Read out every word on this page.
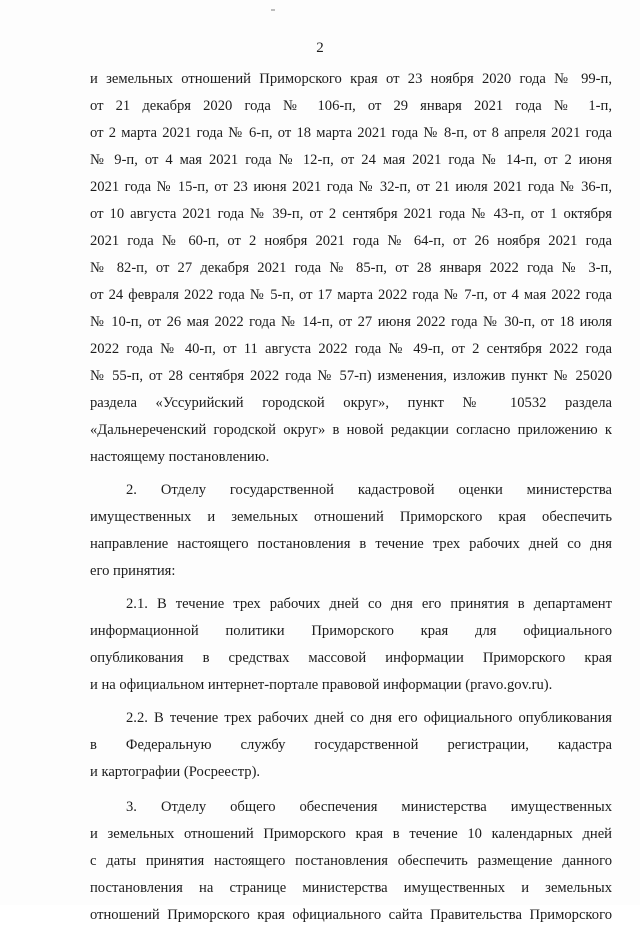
2

и земельных отношений Приморского края от 23 ноября 2020 года № 99-п,

от 21 декабря 2020 года № 106-п, от 29 января 2021 года № 1-п,

от 2 марта 2021 года № 6-п, от 18 марта 2021 года № 8-п, от 8 апреля 2021 года

№ 9-п, от 4 мая 2021 года № 12-п, от 24 мая 2021 года № 14-п, от 2 июня

2021 года № 15-п, от 23 июня 2021 года № 32-п, от 21 июля 2021 года № 36-п,

от 10 августа 2021 года № 39-п, от 2 сентября 2021 года № 43-п, от 1 октября

2021 года № 60-п, от 2 ноября 2021 года № 64-п, от 26 ноября 2021 года

№ 82-п, от 27 декабря 2021 года № 85-п, от 28 января 2022 года № 3-п,

от 24 февраля 2022 года № 5-п, от 17 марта 2022 года № 7-п, от 4 мая 2022 года

№ 10-п, от 26 мая 2022 года № 14-п, от 27 июня 2022 года № 30-п, от 18 июля

2022 года № 40-п, от 11 августа 2022 года № 49-п, от 2 сентября 2022 года

№ 55-п, от 28 сентября 2022 года № 57-п) изменения, изложив пункт № 25020

раздела «Уссурийский городской округ», пункт № 10532 раздела

«Дальнереченский городской округ» в новой редакции согласно приложению к

настоящему постановлению.

2. Отделу государственной кадастровой оценки министерства

имущественных и земельных отношений Приморского края обеспечить

направление настоящего постановления в течение трех рабочих дней со дня

его принятия:

2.1. В течение трех рабочих дней со дня его принятия в департамент

информационной политики Приморского края для официального

опубликования в средствах массовой информации Приморского края

и на официальном интернет-портале правовой информации (pravo.gov.ru).

2.2. В течение трех рабочих дней со дня его официального опубликования

в Федеральную службу государственной регистрации, кадастра

и картографии (Росреестр).

3. Отделу общего обеспечения министерства имущественных

и земельных отношений Приморского края в течение 10 календарных дней

с даты принятия настоящего постановления обеспечить размещение данного

постановления на странице министерства имущественных и земельных

отношений Приморского края официального сайта Правительства Приморского
